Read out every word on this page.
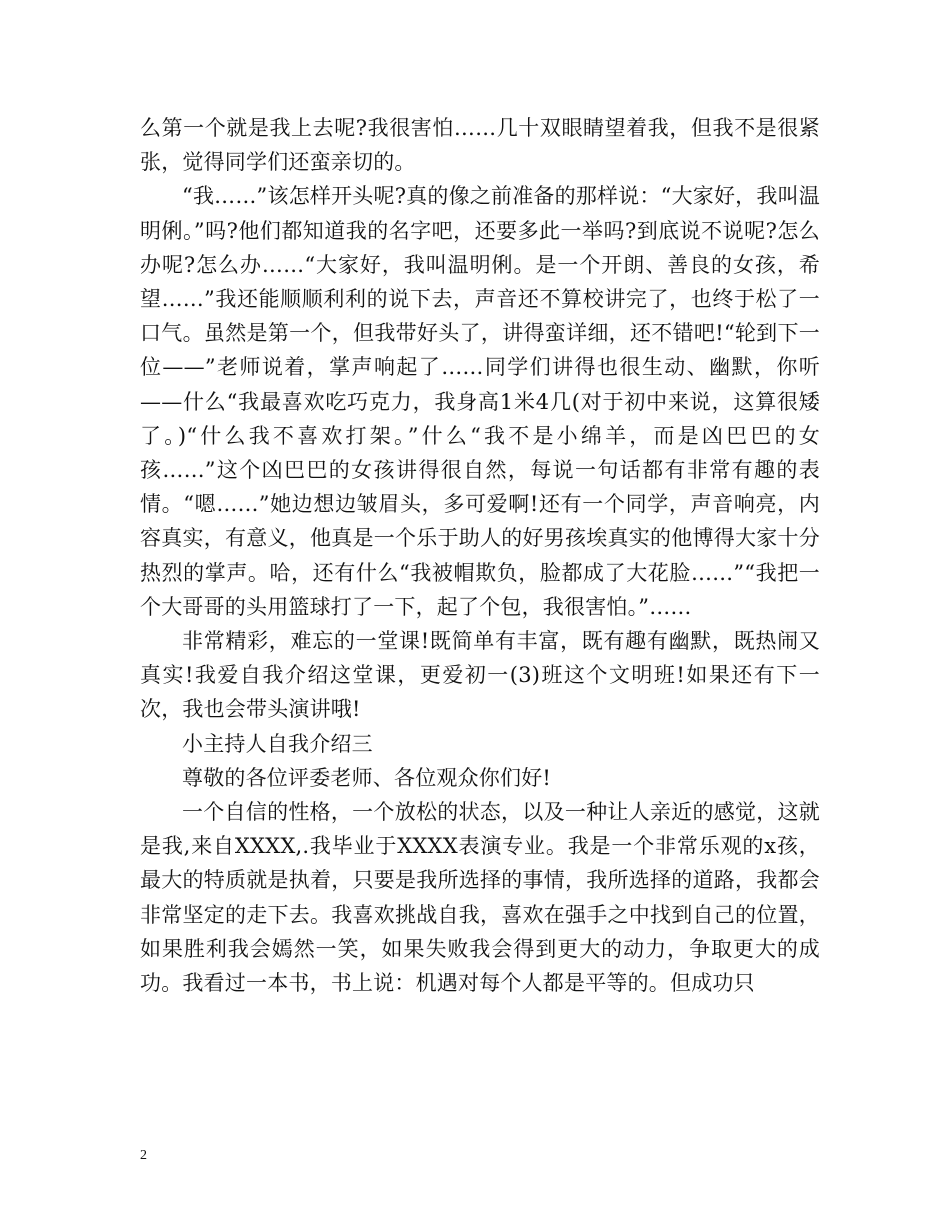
么第一个就是我上去呢?我很害怕……几十双眼睛望着我，但我不是很紧张，觉得同学们还蛮亲切的。

“我……”该怎样开头呢?真的像之前准备的那样说：“大家好，我叫温明俐。”吗?他们都知道我的名字吧，还要多此一举吗?到底说不说呢?怎么办呢?怎么办……“大家好，我叫温明俐。是一个开朗、善良的女孩，希望……”我还能顺顺利利的说下去，声音还不算校讲完了，也终于松了一口气。虽然是第一个，但我带好头了，讲得蛮详细，还不错吧!“轮到下一位——”老师说着，掌声响起了……同学们讲得也很生动、幽默，你听——什么“我最喜欢吃巧克力，我身高1米4几(对于初中来说，这算很矮了。)“什么我不喜欢打架。”什么“我不是小绵羊，而是凶巴巴的女孩……”这个凶巴巴的女孩讲得很自然，每说一句话都有非常有趣的表情。“嗯……”她边想边皱眉头，多可爱啊!还有一个同学，声音响亮，内容真实，有意义，他真是一个乐于助人的好男孩埃真实的他博得大家十分热烈的掌声。哈，还有什么“我被帽欺负，脸都成了大花脸……”“我把一个大哥哥的头用篮球打了一下，起了个包，我很害怕。”……

非常精彩，难忘的一堂课!既简单有丰富，既有趣有幽默，既热闹又真实!我爱自我介绍这堂课，更爱初一(3)班这个文明班!如果还有下一次，我也会带头演讲哦!

小主持人自我介绍三

尊敬的各位评委老师、各位观众你们好!

一个自信的性格，一个放松的状态，以及一种让人亲近的感觉，这就是我,来自XXXX,.我毕业于XXXX表演专业。我是一个非常乐观的x孩，最大的特质就是执着，只要是我所选择的事情，我所选择的道路，我都会非常坚定的走下去。我喜欢挑战自我，喜欢在强手之中找到自己的位置，如果胜利我会嫣然一笑，如果失败我会得到更大的动力，争取更大的成功。我看过一本书，书上说：机遇对每个人都是平等的。但成功只

2
